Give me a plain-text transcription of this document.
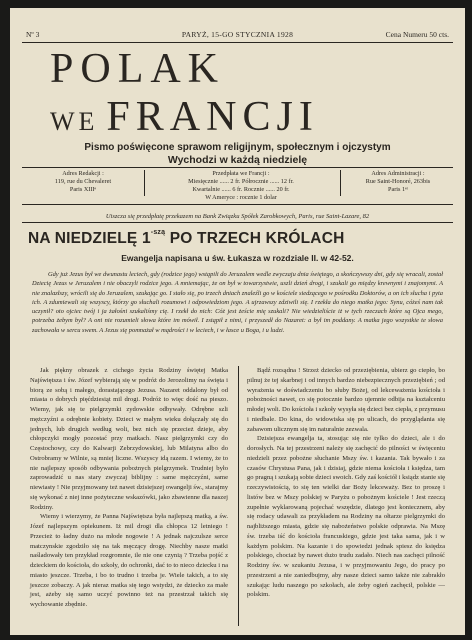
Nº 3	PARYŻ, 15-GO STYCZNIA 1928	Cena Numeru 50 cts.
POLAK
WE FRANCJI
Pismo poświęcone sprawom religijnym, społecznym i ojczystym
Wychodzi w każdą niedzielę
Adres Redakcji :
119, rue du Chevaleret
Paris XIIIᵉ
Przedpłata we Francji :
Miesięcznie ...... 2 fr. Półrocznie ...... 12 fr.
Kwartalnie ...... 6 fr. Rocznie ...... 20 fr.
W Ameryce : rocznie 1 dolar
Adres Administracji :
Rue Saint-Honoré, 263bis
Paris 1ᵉʳ
Uiszcza się przedpłatę przekazem na Bank Związku Spółek Zarobkowych, Paris, rue Saint-Lazare, 82
NA NIEDZIELĘ $1^{-szą}$ PO TRZECH KRÓLACH
Ewangelja napisana u św. Łukasza w rozdziale II. w 42-52.
Gdy już Jezus był we dwunastu leciech, gdy (rodzice jego) wstąpili do Jeruzalem wedle zwyczaju dnia świętego, a skończywszy dni, gdy się wracali, został Dziecię Jezus w Jeruzalem i nie obaczyli rodzice jego. A mniemając, że on był w towarzystwie, uszli dzień drogi, i szukali go między krewnymi i znajomymi. A nie znalazłszy, wrócili się do Jeruzalem, szukając go. I stało się, po trzech dniach znaleźli go w kościele siedzącego w pośrodku Doktorów, a on ich słucha i pyta ich. A zdumiewali się wszyscy, którzy go słuchali rozumowi i odpowiedziom jego. A ujrzawszy zdziwili się. I rzekła do niego matka jego: Synu, cóżeś nam tak uczynił? oto ojciec twój i ja żałośni szukaliśmy cię. I rzekł do nich: Cóż jest żeście mię szukali? Nie wiedzieliście iż w tych rzeczach które są Ojca mego, potrzeba żebym był? A oni nie rozumieli słowa które im mówił. I zstąpił z nimi, i przyszedł do Nazaret: a był im poddany. A matka jego wszystkie te słowa zachowała w sercu swem. A Jezus się pomnażał w mądrości i w leciech, i w łasce u Boga, i u ludzi.

Jak piękny obrazek z cichego życia Rodziny świętej Matka Najświętsza i św. Józef wybierają się w podróż do Jerozolimy na święta i biorą ze sobą i małego, dorastającego Jezusa. Nazaret oddalony był od miasta o dobrych pięćdziesiąt mil drogi. Podróż to więc dość na pieszo. Wiemy, jak się te pielgrzymki zydowskie odbywały. Odrębne szli mężczyźni a odrębnie kobiety. Dzieci w małym wieku dołączały się do jednych, lub drugich według woli, bez nich się przecież dzieje, aby chłopczyki mogły pozostać przy matkach. Nasz pielgrzymki czy do Częstochowy, czy do Kalwarji Zebrzydowskiej, lub Milatyna albo do Ostrobramy w Wilnie, są mniej liczne. Wszyscy idą razem. I wiemy, że to nie najlepszy sposób odbywania pobożnych pielgrzymek. Trudniej było zaprowadzić u nas stary zwyczaj biblijny : same mężczyźni, same niewiasty ! Nie przyjmowany też nawet dzisiejszej owangelji św., starajmy się wykonać z niej inne pożyteczne wskazówki, jako zbawienne dla naszej Rodziny.

Wiemy i wierzymy, że Panna Najświętsza była najlepszą matką, a św. Józef najlepszym opiekunem. Iż mil drogi dla chłopca 12 letniego ! Przecież to ładny dużo na młode nogowie ! A jednak najczulsze serce matczynskie zgodziło się na tak męczący drogę. Niechby nasze matki naśladowały ten przykład rozgromnie, ile nie one czynią ? Trzeba pojść z dzieckiem do kościoła, do szkoły, do ochronki, dać to to nieco dziecku i na miasto jeszcze. Trzeba, i bo to trudno i trzeba je. Wiele takich, a to się jeszcze zobaczy. A jak nieraz matka się tego wstydzi, że dziecko za małe jest, ażeby się samo uczyć powinno też na przestrzał takich się wychowanie zbędnie.

Bądź rozsądna ! Strzeż dziecko od przeziębienia, ubierz go ciepło, bo pilnuj że tej skarbnej i od innych bardzo niebezpiecznych przeziębień ; od wyrażenia w doświadczeniu bo słuby Bożej, od lekceważenia kościoła i pobożności nawet, co się potocznie bardzo ujemnie odbija na kształceniu młodej woli. Do kościoła i szkoły wysyła się dzieci bez ciepła, z przymusu i niedbale. Do kina, do widowiska się po ulicach, do przyglądania się zabawom ulicznym się im naturalnie zezwala.

Dzisiejsza ewangelja ta, stosując się nie tylko do dzieci, ale i do dorosłych. Na tej przestrzeni należy się zachęcić do pilności w święceniu niedzieli przez pobożne słuchanie Mszy św. i kazania. Tak bywało i za czasów Chrystusa Pana, jak i dzisiaj, gdzie niema kościoła i księdza, tam go pragną i szukają sobie dzieci swoich. Gdy zaś kościół i ksiądz stanie się rzeczywistością, to się ten wielki dar Boży lekceważy. Bez to proszę i listów bez w Mszy polskiej w Paryżu o pobożnym kościele ! Jest rzeczą zupełnie wyklarowaną pojechać wszędzie, dlatego jest koniecznem, aby się rodacy udawali za przykładem na Rodziny na ołtarze pielgrzymki do najbliższego miasta, gdzie się nabożeństwo polskie odprawia. Na Mszę św. trzeba iść do kościoła francuskiego, gdzie jest taka sama, jak i w każdym polskim. Na kazanie i do spowiedzi jednak spiesz do księdza polskiego, chociaż by nawet dużo trudu zadało. Niech nas zachęci pilność Rodziny św. w szukaniu Jezusa, i w przyjmowaniu Jego, do pracy po przestrzeni a nie zaniedbujmy, aby nasze dzieci samo także nie zabrakło szukając ludu naszego po szkołach, ale żeby ogień zachęcił, polskie — polskim.
